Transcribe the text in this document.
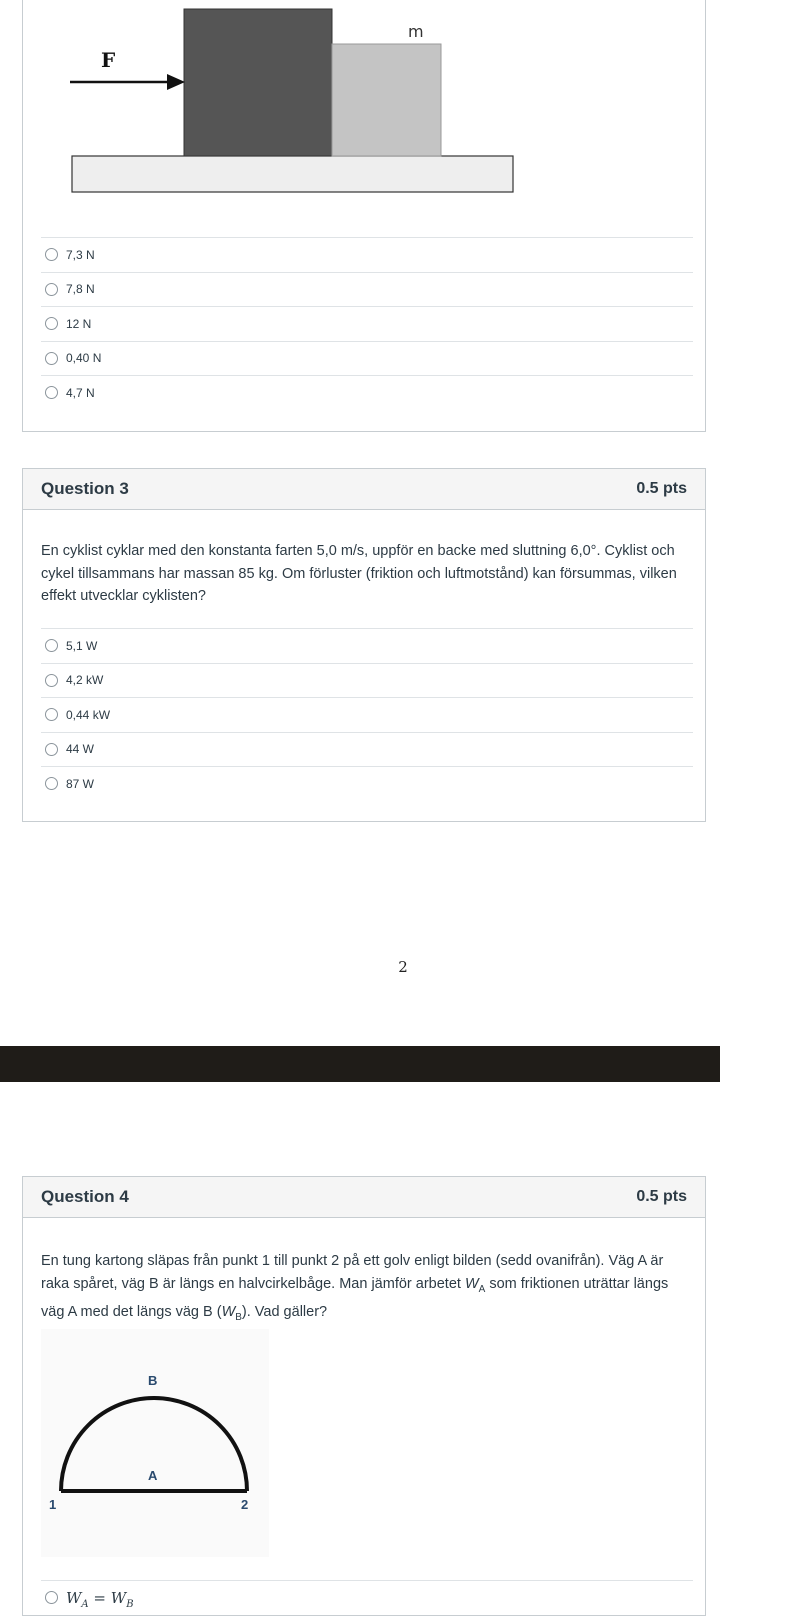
F
m
7,3 N
7,8 N
12 N
0,40 N
4,7 N
Question 3	0.5 pts

En cyklist cyklar med den konstanta farten 5,0 m/s, uppför en backe med sluttning 6,0°. Cyklist och cykel tillsammans har massan 85 kg. Om förluster (friktion och luftmotstånd) kan försummas, vilken effekt utvecklar cyklisten?

5,1 W
4,2 kW
0,44 kW
44 W
87 W
2
Question 4	0.5 pts

En tung kartong släpas från punkt 1 till punkt 2 på ett golv enligt bilden (sedd ovanifrån). Väg A är raka spåret, väg B är längs en halvcirkelbåge. Man jämför arbetet $W_A$ som friktionen uträttar längs väg A med det längs väg B $(W_B)$. Vad gäller?

B
A
1	2
$W_A = W_B$
